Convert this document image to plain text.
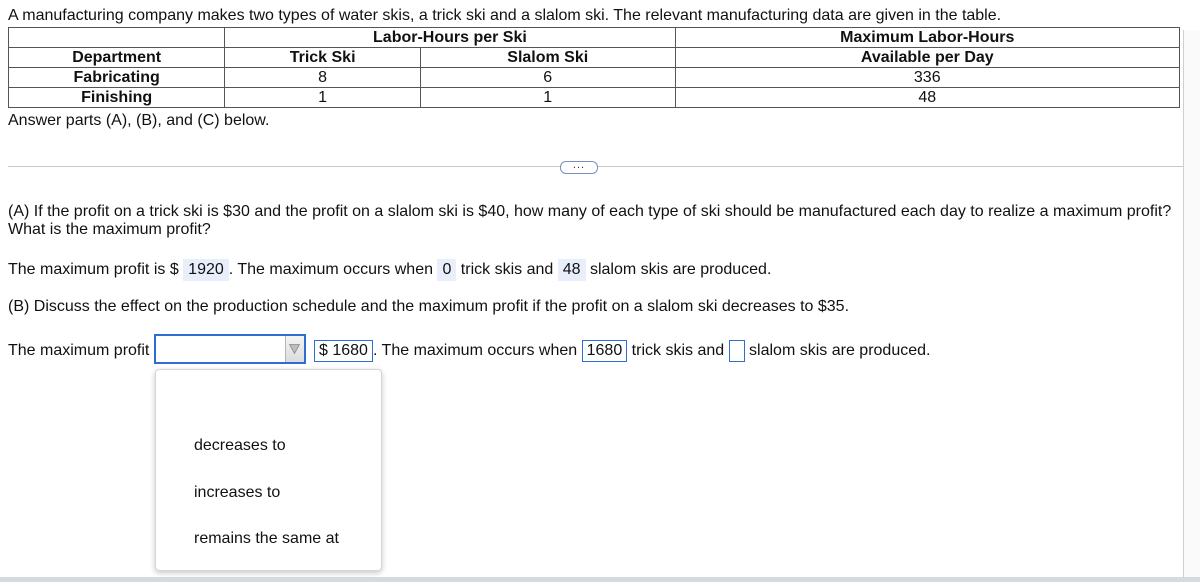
A manufacturing company makes two types of water skis, a trick ski and a slalom ski. The relevant manufacturing data are given in the table.
	Labor-Hours per Ski		Maximum Labor-Hours
Department	Trick Ski	Slalom Ski	Available per Day
Fabricating	8	6	336
Finishing	1	1	48
Answer parts (A), (B), and (C) below.
...
(A) If the profit on a trick ski is $30 and the profit on a slalom ski is $40, how many of each type of ski should be manufactured each day to realize a maximum profit?
What is the maximum profit?
The maximum profit is $ 1920 . The maximum occurs when 0 trick skis and 48 slalom skis are produced.
(B) Discuss the effect on the production schedule and the maximum profit if the profit on a slalom ski decreases to $35.
The maximum profit	$ 1680 . The maximum occurs when 1680 trick skis and slalom skis are produced.
decreases to
increases to
remains the same at
